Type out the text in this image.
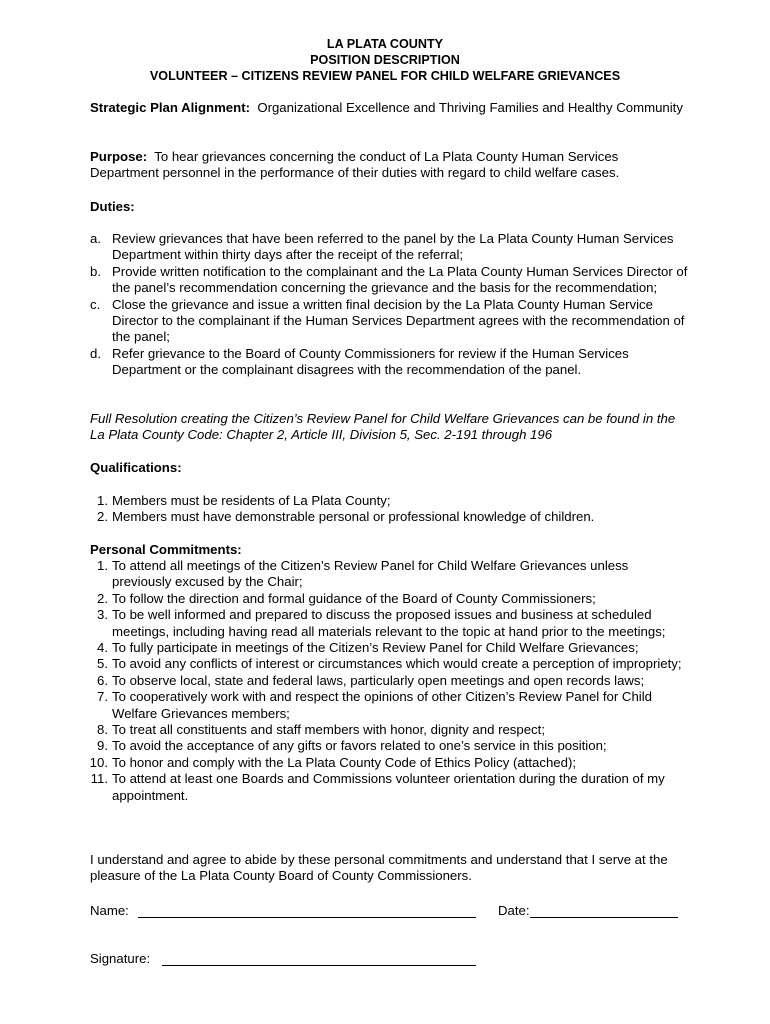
LA PLATA COUNTY
POSITION DESCRIPTION
VOLUNTEER – CITIZENS REVIEW PANEL FOR CHILD WELFARE GRIEVANCES
Strategic Plan Alignment: Organizational Excellence and Thriving Families and Healthy Community
Purpose: To hear grievances concerning the conduct of La Plata County Human Services Department personnel in the performance of their duties with regard to child welfare cases.
Duties:
a. Review grievances that have been referred to the panel by the La Plata County Human Services Department within thirty days after the receipt of the referral;
b. Provide written notification to the complainant and the La Plata County Human Services Director of the panel’s recommendation concerning the grievance and the basis for the recommendation;
c. Close the grievance and issue a written final decision by the La Plata County Human Service Director to the complainant if the Human Services Department agrees with the recommendation of the panel;
d. Refer grievance to the Board of County Commissioners for review if the Human Services Department or the complainant disagrees with the recommendation of the panel.
Full Resolution creating the Citizen’s Review Panel for Child Welfare Grievances can be found in the La Plata County Code: Chapter 2, Article III, Division 5, Sec. 2-191 through 196
Qualifications:
1. Members must be residents of La Plata County;
2. Members must have demonstrable personal or professional knowledge of children.
Personal Commitments:
1. To attend all meetings of the Citizen’s Review Panel for Child Welfare Grievances unless previously excused by the Chair;
2. To follow the direction and formal guidance of the Board of County Commissioners;
3. To be well informed and prepared to discuss the proposed issues and business at scheduled meetings, including having read all materials relevant to the topic at hand prior to the meetings;
4. To fully participate in meetings of the Citizen’s Review Panel for Child Welfare Grievances;
5. To avoid any conflicts of interest or circumstances which would create a perception of impropriety;
6. To observe local, state and federal laws, particularly open meetings and open records laws;
7. To cooperatively work with and respect the opinions of other Citizen’s Review Panel for Child Welfare Grievances members;
8. To treat all constituents and staff members with honor, dignity and respect;
9. To avoid the acceptance of any gifts or favors related to one’s service in this position;
10. To honor and comply with the La Plata County Code of Ethics Policy (attached);
11. To attend at least one Boards and Commissions volunteer orientation during the duration of my appointment.
I understand and agree to abide by these personal commitments and understand that I serve at the pleasure of the La Plata County Board of County Commissioners.
Name:	Date:
Signature:
